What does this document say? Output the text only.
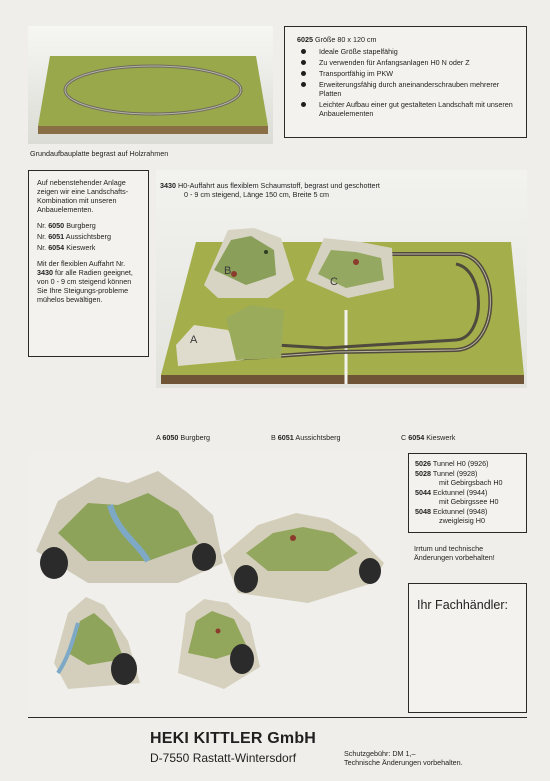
Grundaufbauplatte begrast auf Holzrahmen
6025 Größe 80 x 120 cm
Ideale Größe stapelfähig
Zu verwenden für Anfangsanlagen H0 N oder Z
Transportfähig im PKW
Erweiterungsfähig durch aneinanderschrauben mehrerer Platten
Leichter Aufbau einer gut gestalteten Landschaft mit unseren Anbauelementen
Auf nebenstehender Anlage zeigen wir eine Landschafts-Kombination mit unseren Anbauelementen.
Nr. 6050 Burgberg
Nr. 6051 Aussichtsberg
Nr. 6054 Kieswerk
Mit der flexiblen Auffahrt Nr. 3430 für alle Radien geeignet, von 0 - 9 cm steigend können Sie Ihre Steigungs-probleme mühelos bewältigen.
3430 H0-Auffahrt aus flexiblem Schaumstoff, begrast und geschottert
0 - 9 cm steigend, Länge 150 cm, Breite 5 cm
A
B
C
A 6050 Burgberg	B 6051 Aussichtsberg	C 6054 Kieswerk
5026 Tunnel H0 (9926)
5028 Tunnel (9928)
mit Gebirgsbach H0
5044 Ecktunnel (9944)
mit Gebirgssee H0
5048 Ecktunnel (9948)
zweigleisig H0
Irrtum und technische Änderungen vorbehalten!
Ihr Fachhändler:
HEKI KITTLER GmbH
D-7550 Rastatt-Wintersdorf	Schutzgebühr: DM 1,–
Technische Änderungen vorbehalten.
